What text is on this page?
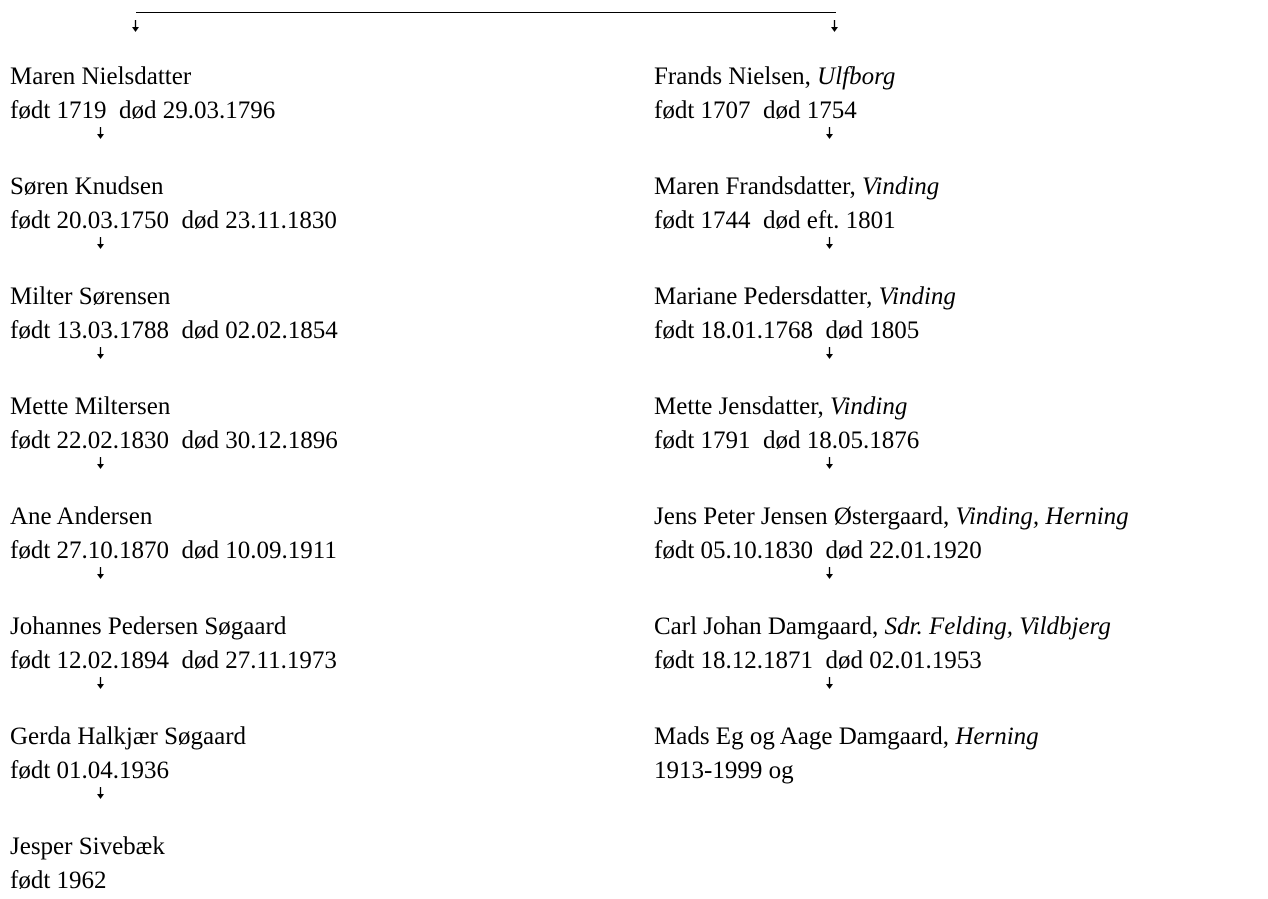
Maren Nielsdatter
født 1719  død 29.03.1796
Søren Knudsen
født 20.03.1750  død 23.11.1830
Milter Sørensen
født 13.03.1788  død 02.02.1854
Mette Miltersen
født 22.02.1830  død 30.12.1896
Ane Andersen
født 27.10.1870  død 10.09.1911
Johannes Pedersen Søgaard
født 12.02.1894  død 27.11.1973
Gerda Halkjær Søgaard
født 01.04.1936
Jesper Sivebæk
født 1962
Frands Nielsen, Ulfborg
født 1707  død 1754
Maren Frandsdatter, Vinding
født 1744  død eft. 1801
Mariane Pedersdatter, Vinding
født 18.01.1768  død 1805
Mette Jensdatter, Vinding
født 1791  død 18.05.1876
Jens Peter Jensen Østergaard, Vinding, Herning
født 05.10.1830  død 22.01.1920
Carl Johan Damgaard, Sdr. Felding, Vildbjerg
født 18.12.1871  død 02.01.1953
Mads Eg og Aage Damgaard, Herning
1913-1999 og
